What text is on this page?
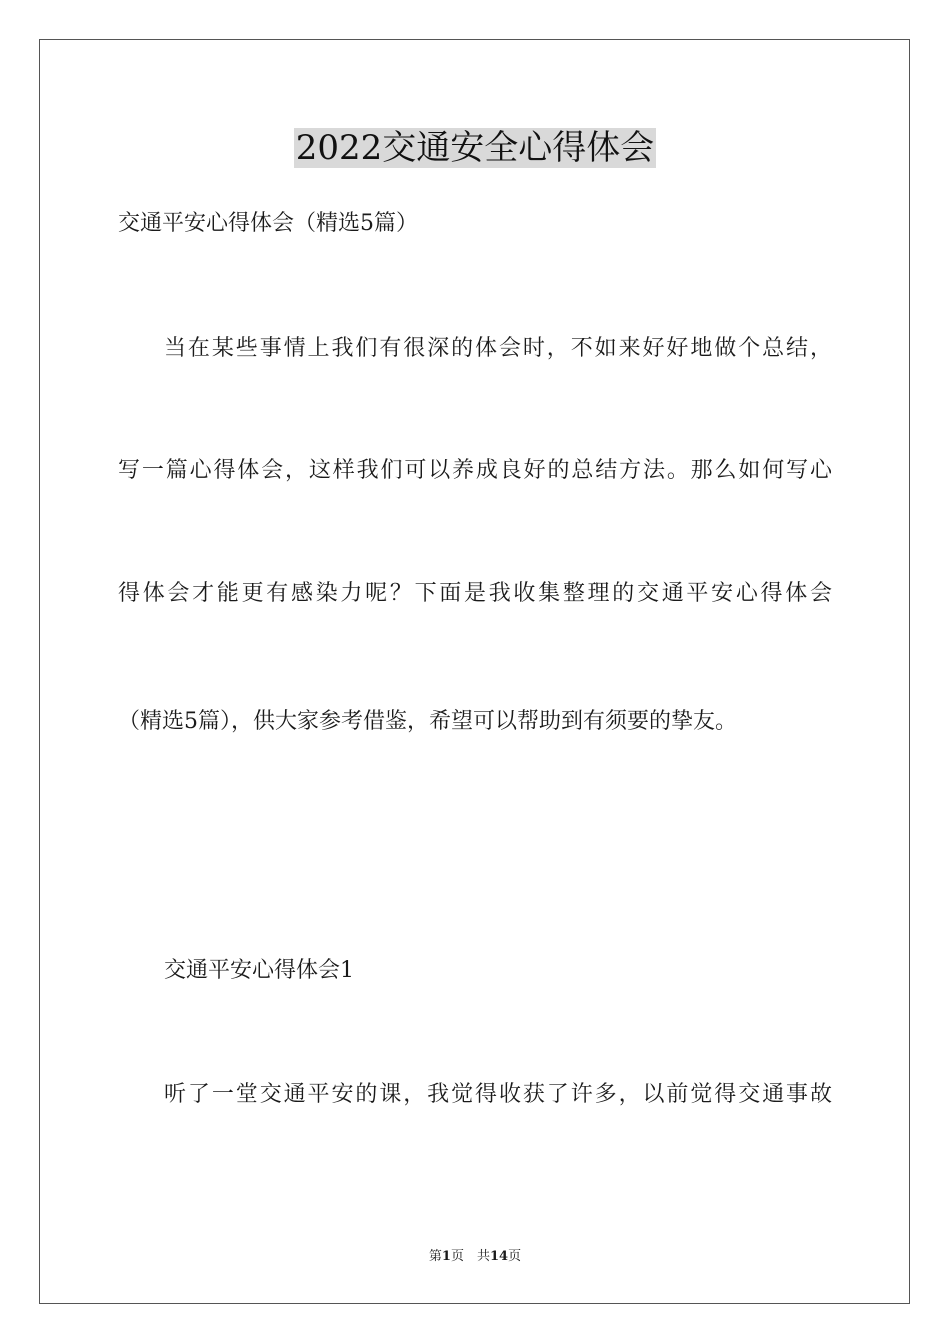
2022交通安全心得体会
交通平安心得体会（精选5篇）
当在某些事情上我们有很深的体会时，不如来好好地做个总结，
写一篇心得体会，这样我们可以养成良好的总结方法。那么如何写心
得体会才能更有感染力呢？下面是我收集整理的交通平安心得体会
（精选5篇），供大家参考借鉴，希望可以帮助到有须要的挚友。
交通平安心得体会1
听了一堂交通平安的课，我觉得收获了许多，以前觉得交通事故
第1页　共14页
